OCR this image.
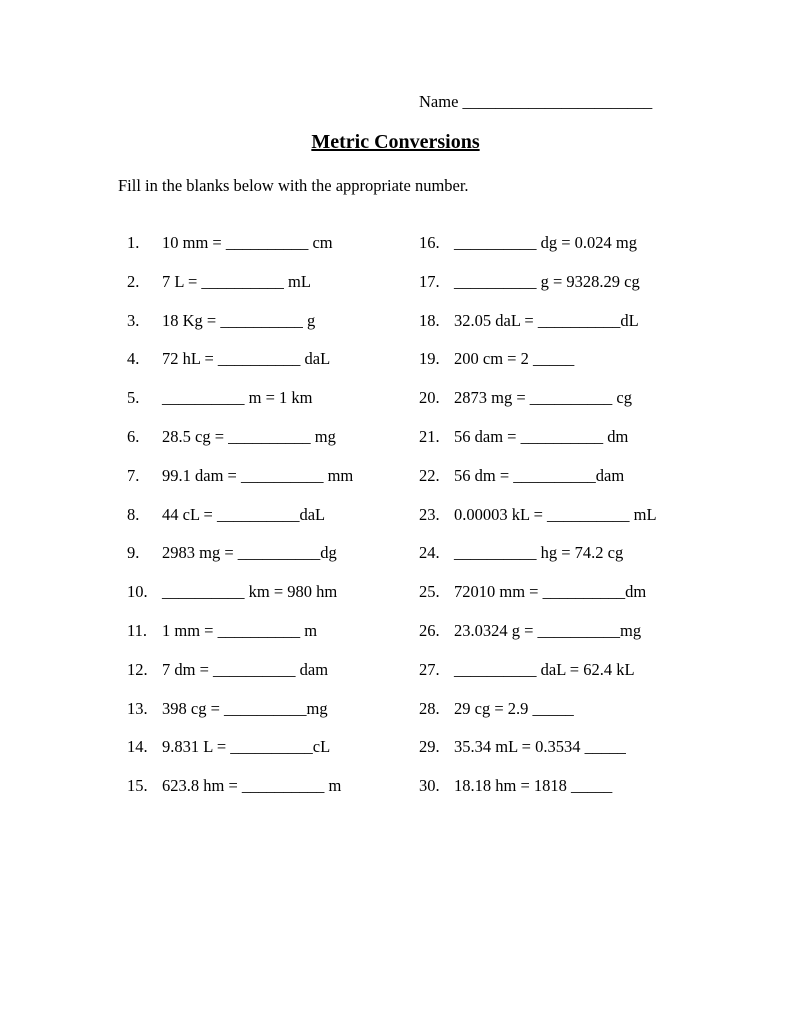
Name _______________________
Metric Conversions
Fill in the blanks below with the appropriate number.
1.	10 mm = __________ cm
2.	7 L = __________ mL
3.	18 Kg = __________ g
4.	72 hL = __________ daL
5.	__________ m = 1 km
6.	28.5 cg = __________ mg
7.	99.1 dam = __________ mm
8.	44 cL = __________daL
9.	2983 mg = __________dg
10. __________ km = 980 hm
11. 1 mm = __________ m
12. 7 dm = __________ dam
13. 398 cg = __________mg
14. 9.831 L = __________cL
15. 623.8 hm = __________ m
16. __________ dg = 0.024 mg
17. __________ g = 9328.29 cg
18. 32.05 daL = __________dL
19. 200 cm = 2 _____
20. 2873 mg = __________ cg
21. 56 dam = __________ dm
22. 56 dm = __________dam
23. 0.00003 kL = __________ mL
24. __________ hg = 74.2 cg
25. 72010 mm = __________dm
26. 23.0324 g = __________mg
27. __________ daL = 62.4 kL
28. 29 cg = 2.9 _____
29. 35.34 mL = 0.3534 _____
30. 18.18 hm = 1818 _____
